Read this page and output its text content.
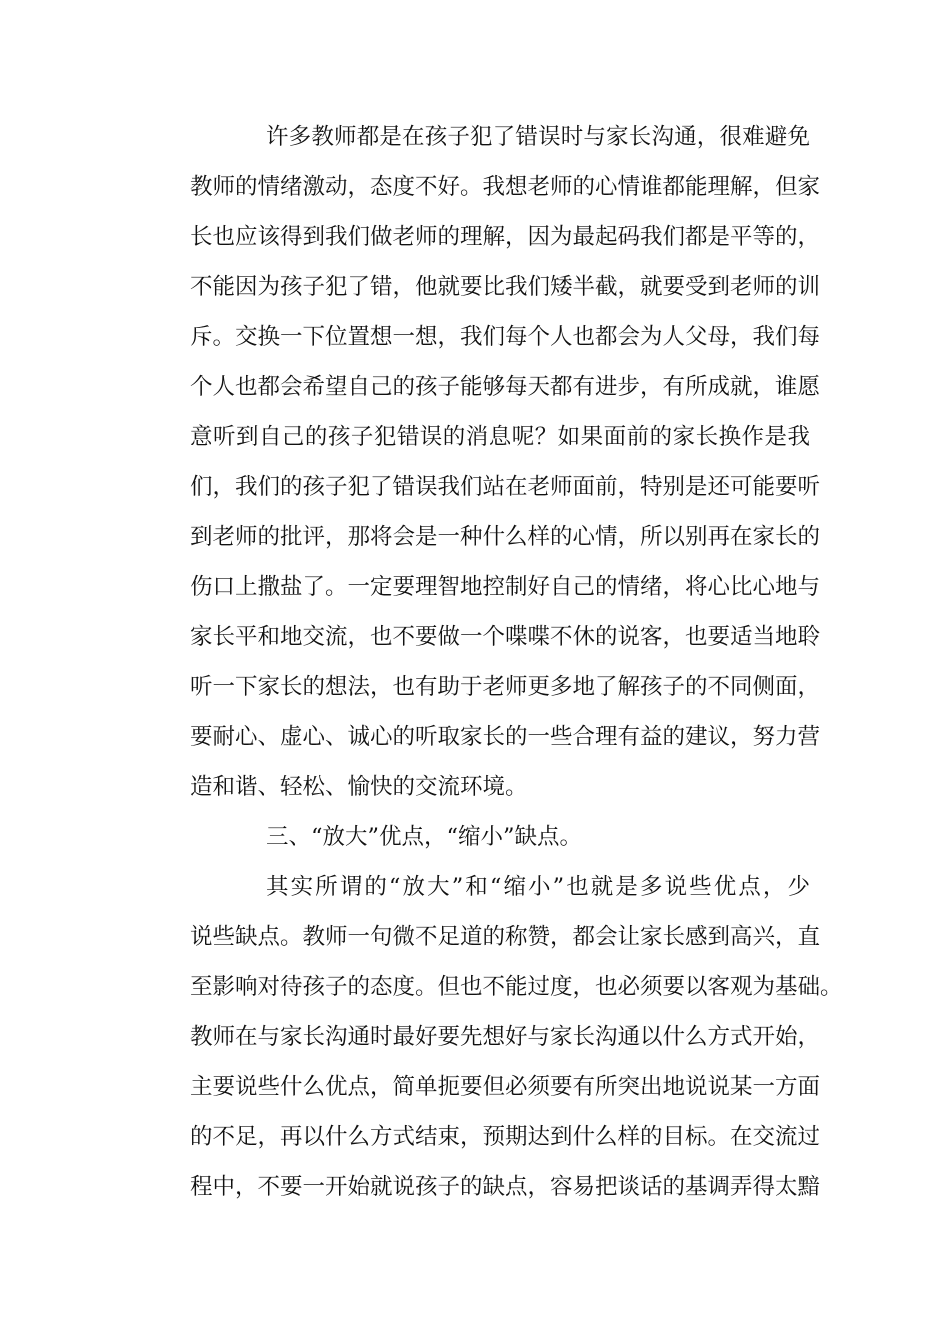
许多教师都是在孩子犯了错误时与家长沟通，很难避免
教师的情绪激动，态度不好。我想老师的心情谁都能理解，但家
长也应该得到我们做老师的理解，因为最起码我们都是平等的，
不能因为孩子犯了错，他就要比我们矮半截，就要受到老师的训
斥。交换一下位置想一想，我们每个人也都会为人父母，我们每
个人也都会希望自己的孩子能够每天都有进步，有所成就，谁愿
意听到自己的孩子犯错误的消息呢？如果面前的家长换作是我
们，我们的孩子犯了错误我们站在老师面前，特别是还可能要听
到老师的批评，那将会是一种什么样的心情，所以别再在家长的
伤口上撒盐了。一定要理智地控制好自己的情绪，将心比心地与
家长平和地交流，也不要做一个喋喋不休的说客，也要适当地聆
听一下家长的想法，也有助于老师更多地了解孩子的不同侧面，
要耐心、虚心、诚心的听取家长的一些合理有益的建议，努力营
造和谐、轻松、愉快的交流环境。
三、“放大”优点，“缩小”缺点。
其实所谓的“放大”和“缩小”也就是多说些优点，少
说些缺点。教师一句微不足道的称赞，都会让家长感到高兴，直
至影响对待孩子的态度。但也不能过度，也必须要以客观为基础。
教师在与家长沟通时最好要先想好与家长沟通以什么方式开始，
主要说些什么优点，简单扼要但必须要有所突出地说说某一方面
的不足，再以什么方式结束，预期达到什么样的目标。在交流过
程中，不要一开始就说孩子的缺点，容易把谈话的基调弄得太黯
